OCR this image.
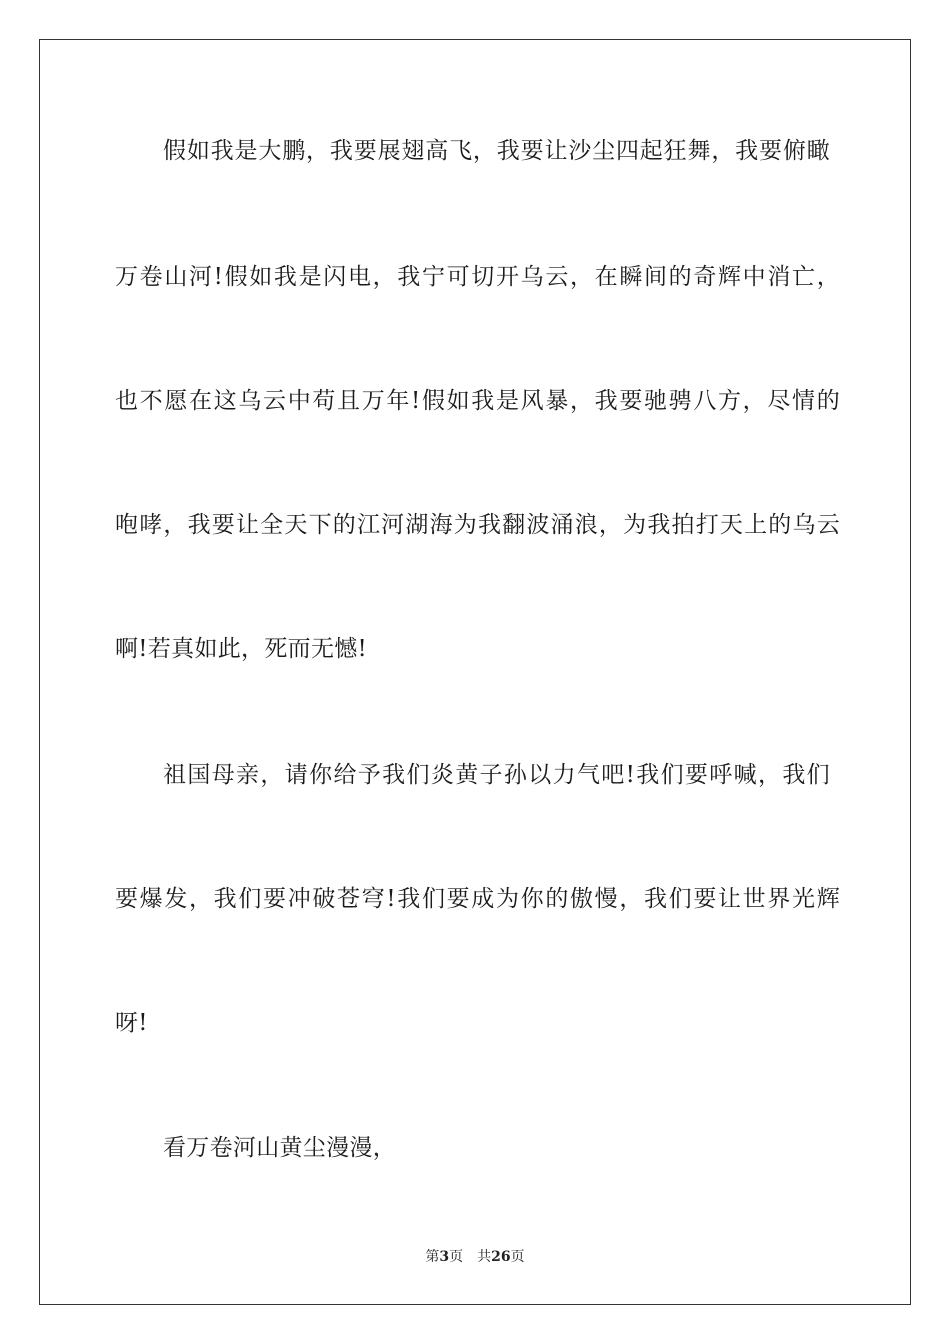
假如我是大鹏，我要展翅高飞，我要让沙尘四起狂舞，我要俯瞰
万卷山河!假如我是闪电，我宁可切开乌云，在瞬间的奇辉中消亡，
也不愿在这乌云中苟且万年!假如我是风暴，我要驰骋八方，尽情的
咆哮，我要让全天下的江河湖海为我翻波涌浪，为我拍打天上的乌云
啊!若真如此，死而无憾!
祖国母亲，请你给予我们炎黄子孙以力气吧!我们要呼喊，我们
要爆发，我们要冲破苍穹!我们要成为你的傲慢，我们要让世界光辉
呀!
看万卷河山黄尘漫漫，
第3页 共26页
